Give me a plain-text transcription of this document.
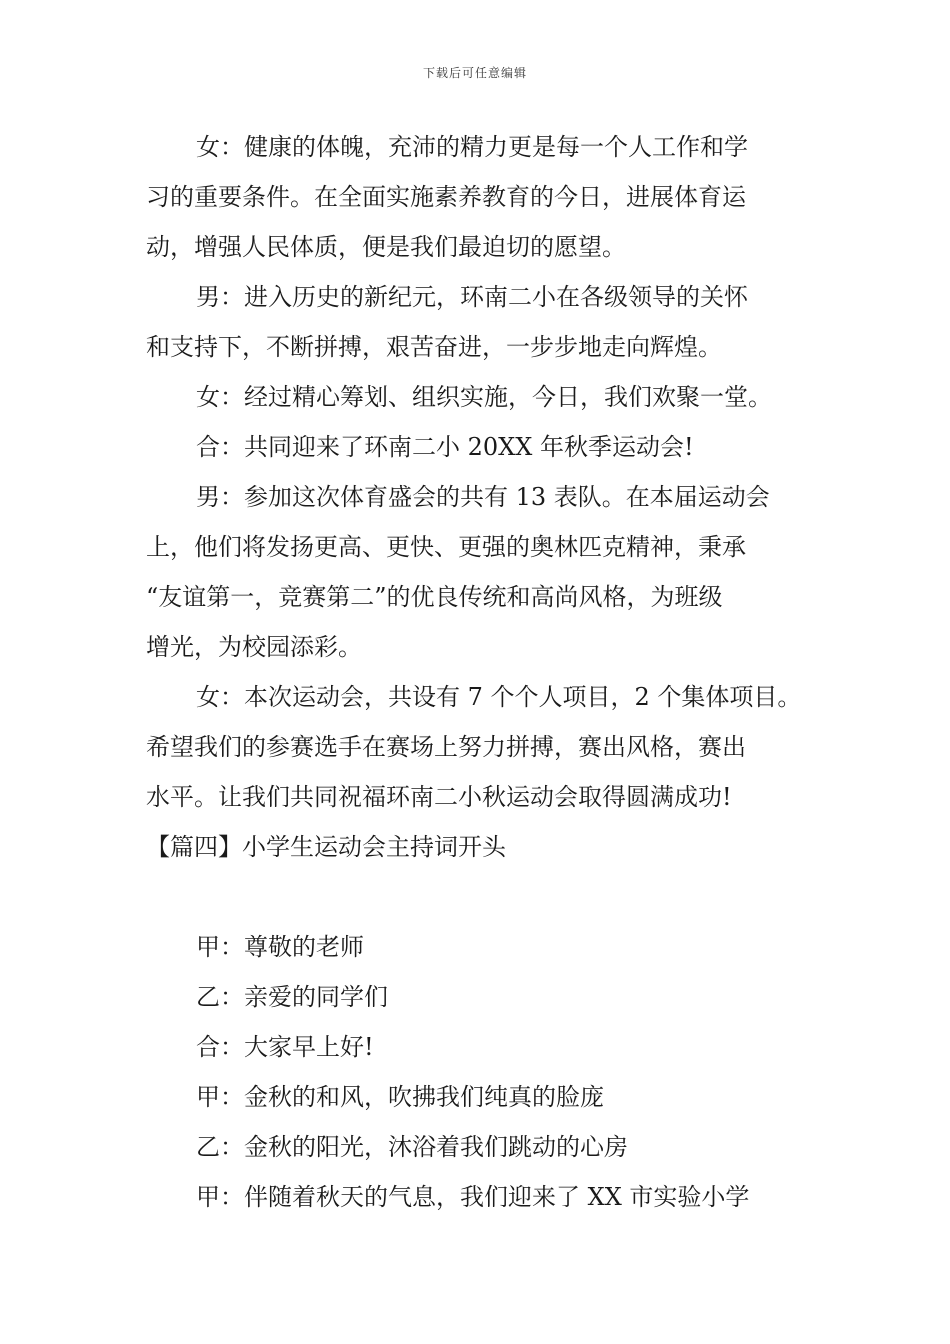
下载后可任意编辑
女：健康的体魄，充沛的精力更是每一个人工作和学
习的重要条件。在全面实施素养教育的今日，进展体育运
动，增强人民体质，便是我们最迫切的愿望。
男：进入历史的新纪元，环南二小在各级领导的关怀
和支持下，不断拼搏，艰苦奋进，一步步地走向辉煌。
女：经过精心筹划、组织实施，今日，我们欢聚一堂。
合：共同迎来了环南二小 20XX 年秋季运动会!
男：参加这次体育盛会的共有 13 表队。在本届运动会
上，他们将发扬更高、更快、更强的奥林匹克精神，秉承
“友谊第一，竞赛第二”的优良传统和高尚风格，为班级
增光，为校园添彩。
女：本次运动会，共设有 7 个个人项目，2 个集体项目。
希望我们的参赛选手在赛场上努力拼搏，赛出风格，赛出
水平。让我们共同祝福环南二小秋运动会取得圆满成功!
【篇四】小学生运动会主持词开头
甲：尊敬的老师
乙：亲爱的同学们
合：大家早上好!
甲：金秋的和风，吹拂我们纯真的脸庞
乙：金秋的阳光，沐浴着我们跳动的心房
甲：伴随着秋天的气息，我们迎来了 XX 市实验小学
